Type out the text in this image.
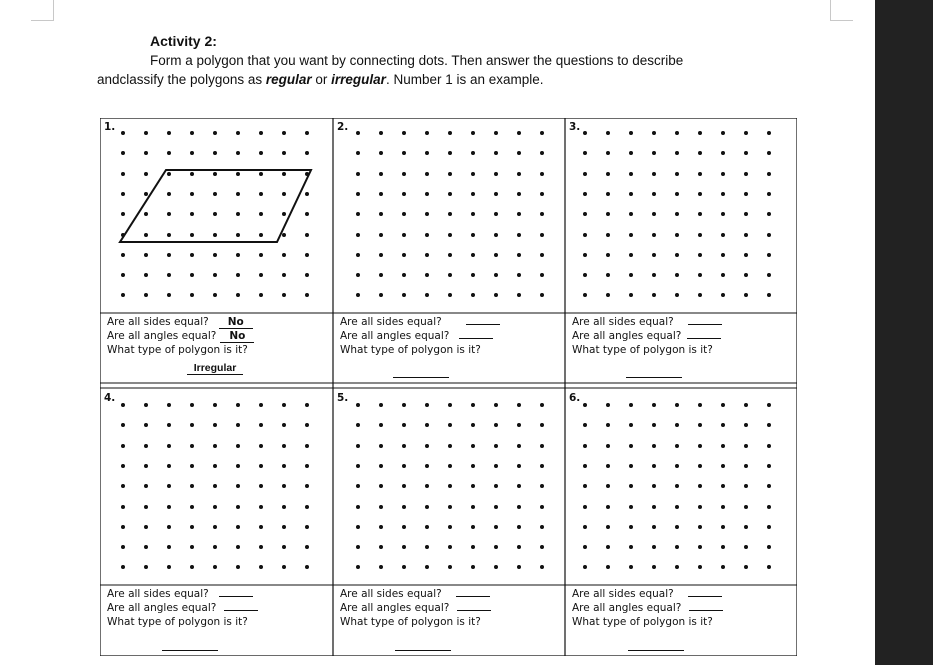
Activity 2:
Form a polygon that you want by connecting dots. Then answer the questions to describe
andclassify the polygons as regular or irregular. Number 1 is an example.
1.	2.	3.
4.	5.	6.
Are all sides equal? No
Are all angles equal? No
What type of polygon is it?
Irregular
Are all sides equal?
Are all angles equal?
What type of polygon is it?
Are all sides equal?
Are all angles equal?
What type of polygon is it?
Are all sides equal?
Are all angles equal?
What type of polygon is it?
Are all sides equal?
Are all angles equal?
What type of polygon is it?
Are all sides equal?
Are all angles equal?
What type of polygon is it?
